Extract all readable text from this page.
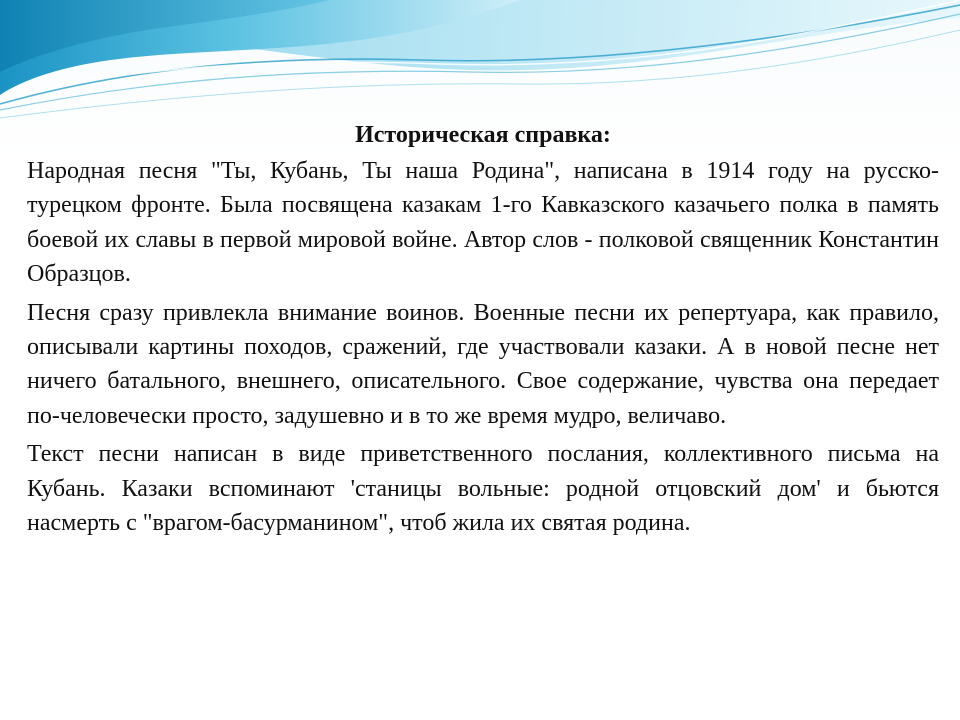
Историческая справка:

Народная песня "Ты, Кубань, Ты наша Родина", написана в 1914 году на русско-турецком фронте. Была посвящена казакам 1-го Кавказского казачьего полка в память боевой их славы в первой мировой войне. Автор слов - полковой священник Константин Образцов.

Песня сразу привлекла внимание воинов. Военные песни их репертуара, как правило, описывали картины походов, сражений, где участвовали казаки. А в новой песне нет ничего батального, внешнего, описательного. Свое содержание, чувства она передает по-человечески просто, задушевно и в то же время мудро, величаво.

Текст песни написан в виде приветственного послания, коллективного письма на Кубань. Казаки вспоминают 'станицы вольные: родной отцовский дом' и бьются насмерть с "врагом-басурманином", чтоб жила их святая родина.
